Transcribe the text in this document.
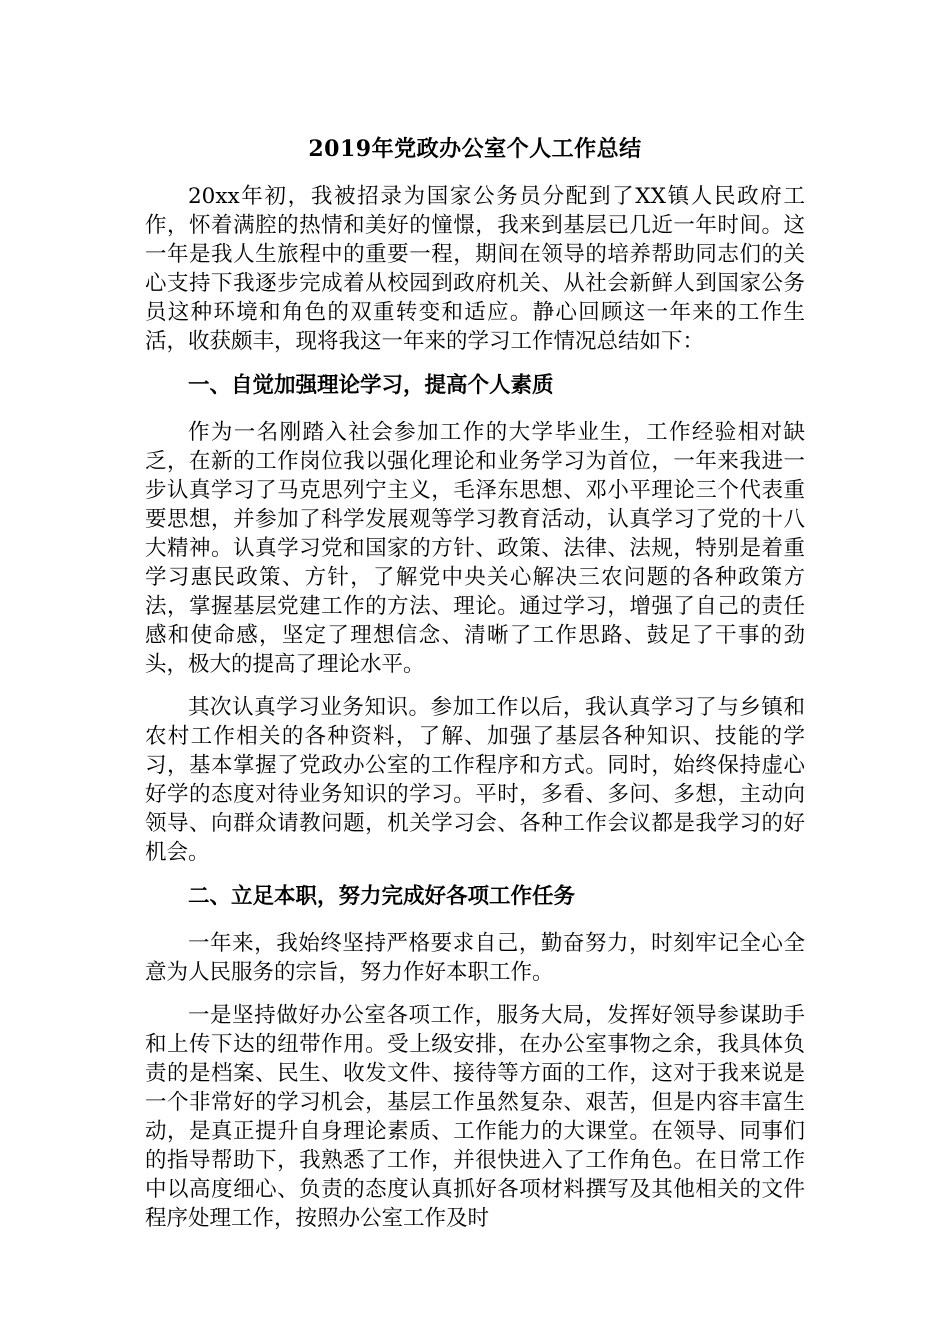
2019年党政办公室个人工作总结

20xx年初，我被招录为国家公务员分配到了XX镇人民政府工作，怀着满腔的热情和美好的憧憬，我来到基层已几近一年时间。这一年是我人生旅程中的重要一程，期间在领导的培养帮助同志们的关心支持下我逐步完成着从校园到政府机关、从社会新鲜人到国家公务员这种环境和角色的双重转变和适应。静心回顾这一年来的工作生活，收获颇丰，现将我这一年来的学习工作情况总结如下：

一、自觉加强理论学习，提高个人素质

作为一名刚踏入社会参加工作的大学毕业生，工作经验相对缺乏，在新的工作岗位我以强化理论和业务学习为首位，一年来我进一步认真学习了马克思列宁主义，毛泽东思想、邓小平理论三个代表重要思想，并参加了科学发展观等学习教育活动，认真学习了党的十八大精神。认真学习党和国家的方针、政策、法律、法规，特别是着重学习惠民政策、方针，了解党中央关心解决三农问题的各种政策方法，掌握基层党建工作的方法、理论。通过学习，增强了自己的责任感和使命感，坚定了理想信念、清晰了工作思路、鼓足了干事的劲头，极大的提高了理论水平。

其次认真学习业务知识。参加工作以后，我认真学习了与乡镇和农村工作相关的各种资料，了解、加强了基层各种知识、技能的学习，基本掌握了党政办公室的工作程序和方式。同时，始终保持虚心好学的态度对待业务知识的学习。平时，多看、多问、多想，主动向领导、向群众请教问题，机关学习会、各种工作会议都是我学习的好机会。

二、立足本职，努力完成好各项工作任务

一年来，我始终坚持严格要求自己，勤奋努力，时刻牢记全心全意为人民服务的宗旨，努力作好本职工作。

一是坚持做好办公室各项工作，服务大局，发挥好领导参谋助手和上传下达的纽带作用。受上级安排，在办公室事物之余，我具体负责的是档案、民生、收发文件、接待等方面的工作，这对于我来说是一个非常好的学习机会，基层工作虽然复杂、艰苦，但是内容丰富生动，是真正提升自身理论素质、工作能力的大课堂。在领导、同事们的指导帮助下，我熟悉了工作，并很快进入了工作角色。在日常工作中以高度细心、负责的态度认真抓好各项材料撰写及其他相关的文件程序处理工作，按照办公室工作及时
